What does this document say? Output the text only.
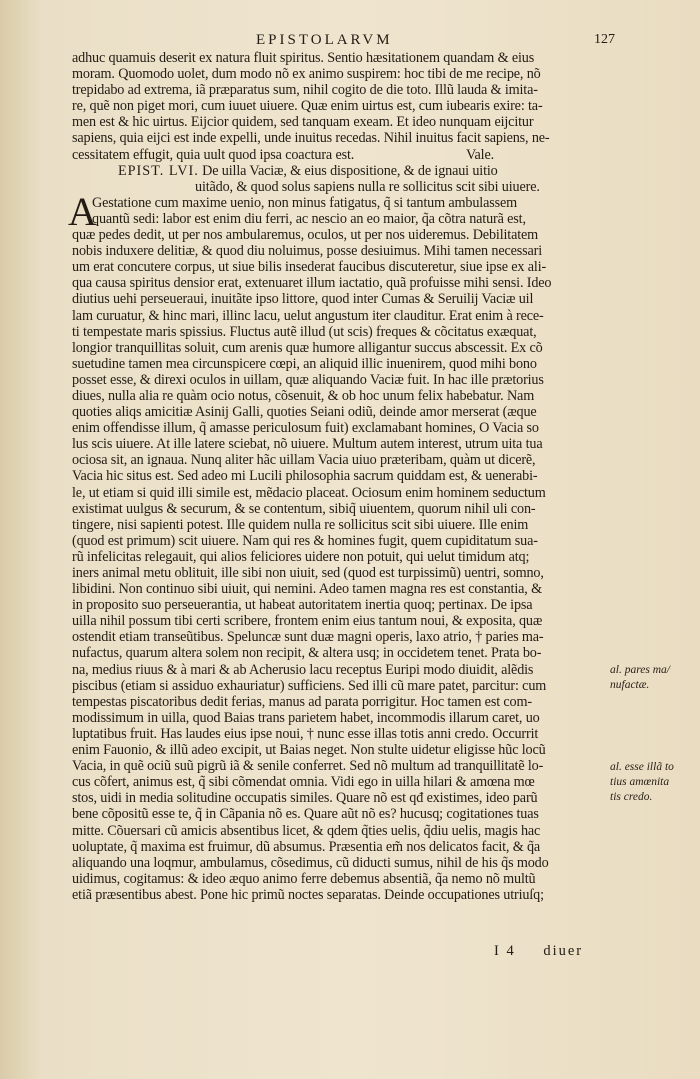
EPISTOLARVM	127
adhuc quamuis deserit ex natura fluit spiritus. Sentio hæsitationem quandam & eius
moram. Quomodo uolet, dum modo nõ ex animo suspirem: hoc tibi de me recipe, nõ
trepidabo ad extrema, iã præparatus sum, nihil cogito de die toto. Illũ lauda & imita-
re, quẽ non piget mori, cum iuuet uiuere. Quæ enim uirtus est, cum iubearis exire: ta-
men est & hic uirtus. Eijcior quidem, sed tanquam exeam. Et ideo nunquam eijcitur
sapiens, quia eijci est inde expelli, unde inuitus recedas. Nihil inuitus facit sapiens, ne-
cessitatem effugit, quia uult quod ipsa coactura est.	Vale.
EPIST. LVI. De uilla Vaciæ, & eius dispositione, & de ignaui uitio
uitãdo, & quod solus sapiens nulla re sollicitus scit sibi uiuere.
A
Gestatione cum maxime uenio, non minus fatigatus, q̃ si tantum ambulassem
quantũ sedi: labor est enim diu ferri, ac nescio an eo maior, q̃a cõtra naturã est,
quæ pedes dedit, ut per nos ambularemus, oculos, ut per nos uideremus. Debilitatem
nobis induxere delitiæ, & quod diu noluimus, posse desiuimus. Mihi tamen necessari
um erat concutere corpus, ut siue bilis insederat faucibus discuteretur, siue ipse ex ali-
qua causa spiritus densior erat, extenuaret illum iactatio, quã profuisse mihi sensi. Ideo
diutius uehi perseueraui, inuitãte ipso littore, quod inter Cumas & Seruilij Vaciæ uil
lam curuatur, & hinc mari, illinc lacu, uelut angustum iter clauditur. Erat enim à rece-
ti tempestate maris spissius. Fluctus autẽ illud (ut scis) freques & cõcitatus exæquat,
longior tranquillitas soluit, cum arenis quæ humore alligantur succus abscessit. Ex cõ
suetudine tamen mea circunspicere cœpi, an aliquid illic inuenirem, quod mihi bono
posset esse, & direxi oculos in uillam, quæ aliquando Vaciæ fuit. In hac ille prætorius
diues, nulla alia re quàm ocio notus, cõsenuit, & ob hoc unum felix habebatur. Nam
quoties aliqs amicitiæ Asinij Galli, quoties Seiani odiũ, deinde amor merserat (æque
enim offendisse illum, q̃ amasse periculosum fuit) exclamabant homines, O Vacia so
lus scis uiuere. At ille latere sciebat, nõ uiuere. Multum autem interest, utrum uita tua
ociosa sit, an ignaua. Nunq aliter hãc uillam Vacia uiuo præteribam, quàm ut dicerẽ,
Vacia hic situs est. Sed adeo mi Lucili philosophia sacrum quiddam est, & uenerabi-
le, ut etiam si quid illi simile est, mẽdacio placeat. Ociosum enim hominem seductum
existimat uulgus & securum, & se contentum, sibiq̃ uiuentem, quorum nihil uli con-
tingere, nisi sapienti potest. Ille quidem nulla re sollicitus scit sibi uiuere. Ille enim
(quod est primum) scit uiuere. Nam qui res & homines fugit, quem cupiditatum sua-
rũ infelicitas relegauit, qui alios feliciores uidere non potuit, qui uelut timidum atq;
iners animal metu oblituit, ille sibi non uiuit, sed (quod est turpissimũ) uentri, somno,
libidini. Non continuo sibi uiuit, qui nemini. Adeo tamen magna res est constantia, &
in proposito suo perseuerantia, ut habeat autoritatem inertia quoq; pertinax. De ipsa
uilla nihil possum tibi certi scribere, frontem enim eius tantum noui, & exposita, quæ
ostendit etiam transeũtibus. Speluncæ sunt duæ magni operis, laxo atrio, † paries ma-
nufactus, quarum altera solem non recipit, & altera usq; in occidetem tenet. Prata bo-
na, medius riuus & à mari & ab Acherusio lacu receptus Euripi modo diuidit, alẽdis
piscibus (etiam si assiduo exhauriatur) sufficiens. Sed illi cũ mare patet, parcitur: cum
tempestas piscatoribus dedit ferias, manus ad parata porrigitur. Hoc tamen est com-
modissimum in uilla, quod Baias trans parietem habet, incommodis illarum caret, uo
luptatibus fruit. Has laudes eius ipse noui, † nunc esse illas totis anni credo. Occurrit
enim Fauonio, & illũ adeo excipit, ut Baias neget. Non stulte uidetur eligisse hũc locũ
Vacia, in quẽ ociũ suũ pigrũ iã & senile conferret. Sed nõ multum ad tranquillitatẽ lo-
cus cõfert, animus est, q̃ sibi cõmendat omnia. Vidi ego in uilla hilari & amœna mœ
stos, uidi in media solitudine occupatis similes. Quare nõ est qđ existimes, ideo parũ
bene cõpositũ esse te, q̃ in Cãpania nõ es. Quare aũt nõ es? hucusq; cogitationes tuas
mitte. Cõuersari cũ amicis absentibus licet, & qdem q̃ties uelis, q̃diu uelis, magis hac
uoluptate, q̃ maxima est fruimur, dũ absumus. Præsentia em̃ nos delicatos facit, & q̃a
aliquando una loqmur, ambulamus, cõsedimus, cũ diducti sumus, nihil de his q̃s modo
uidimus, cogitamus: & ideo æquo animo ferre debemus absentiã, q̃a nemo nõ multũ
etiã præsentibus abest. Pone hic primũ noctes separatas. Deinde occupationes utriuſq;
al. pares ma/
nufactæ.
al. esse illã to
tius amœnita
tis credo.
I 4 diuer
